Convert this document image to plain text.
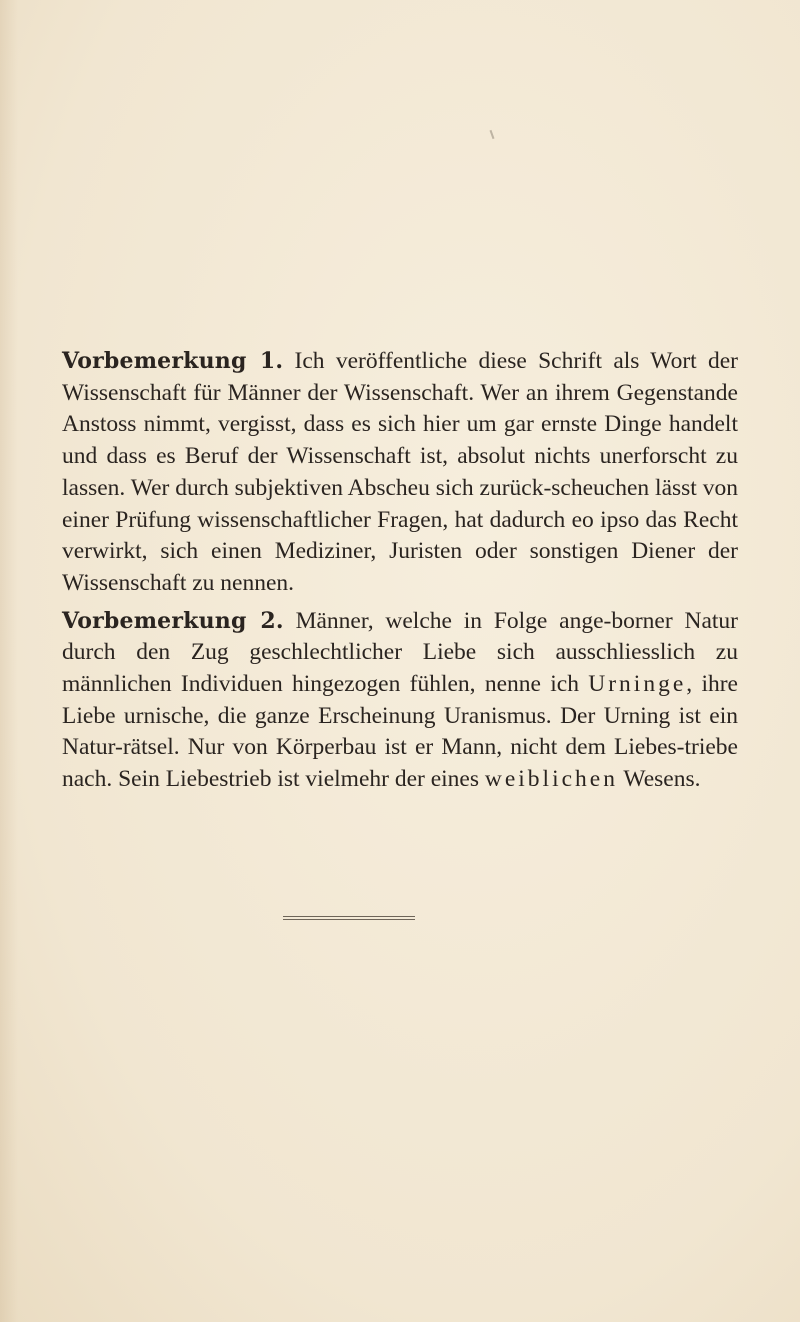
Vorbemerkung 1. Ich veröffentliche diese Schrift als Wort der Wissenschaft für Männer der Wissenschaft. Wer an ihrem Gegenstande Anstoss nimmt, vergisst, dass es sich hier um gar ernste Dinge handelt und dass es Beruf der Wissenschaft ist, absolut nichts unerforscht zu lassen. Wer durch subjektiven Abscheu sich zurück-scheuchen lässt von einer Prüfung wissenschaftlicher Fragen, hat dadurch eo ipso das Recht verwirkt, sich einen Mediziner, Juristen oder sonstigen Diener der Wissenschaft zu nennen.

Vorbemerkung 2. Männer, welche in Folge ange-borner Natur durch den Zug geschlechtlicher Liebe sich ausschliesslich zu männlichen Individuen hingezogen fühlen, nenne ich Urninge, ihre Liebe urnische, die ganze Erscheinung Uranismus. Der Urning ist ein Natur-rätsel. Nur von Körperbau ist er Mann, nicht dem Liebes-triebe nach. Sein Liebestrieb ist vielmehr der eines weiblichen Wesens.
